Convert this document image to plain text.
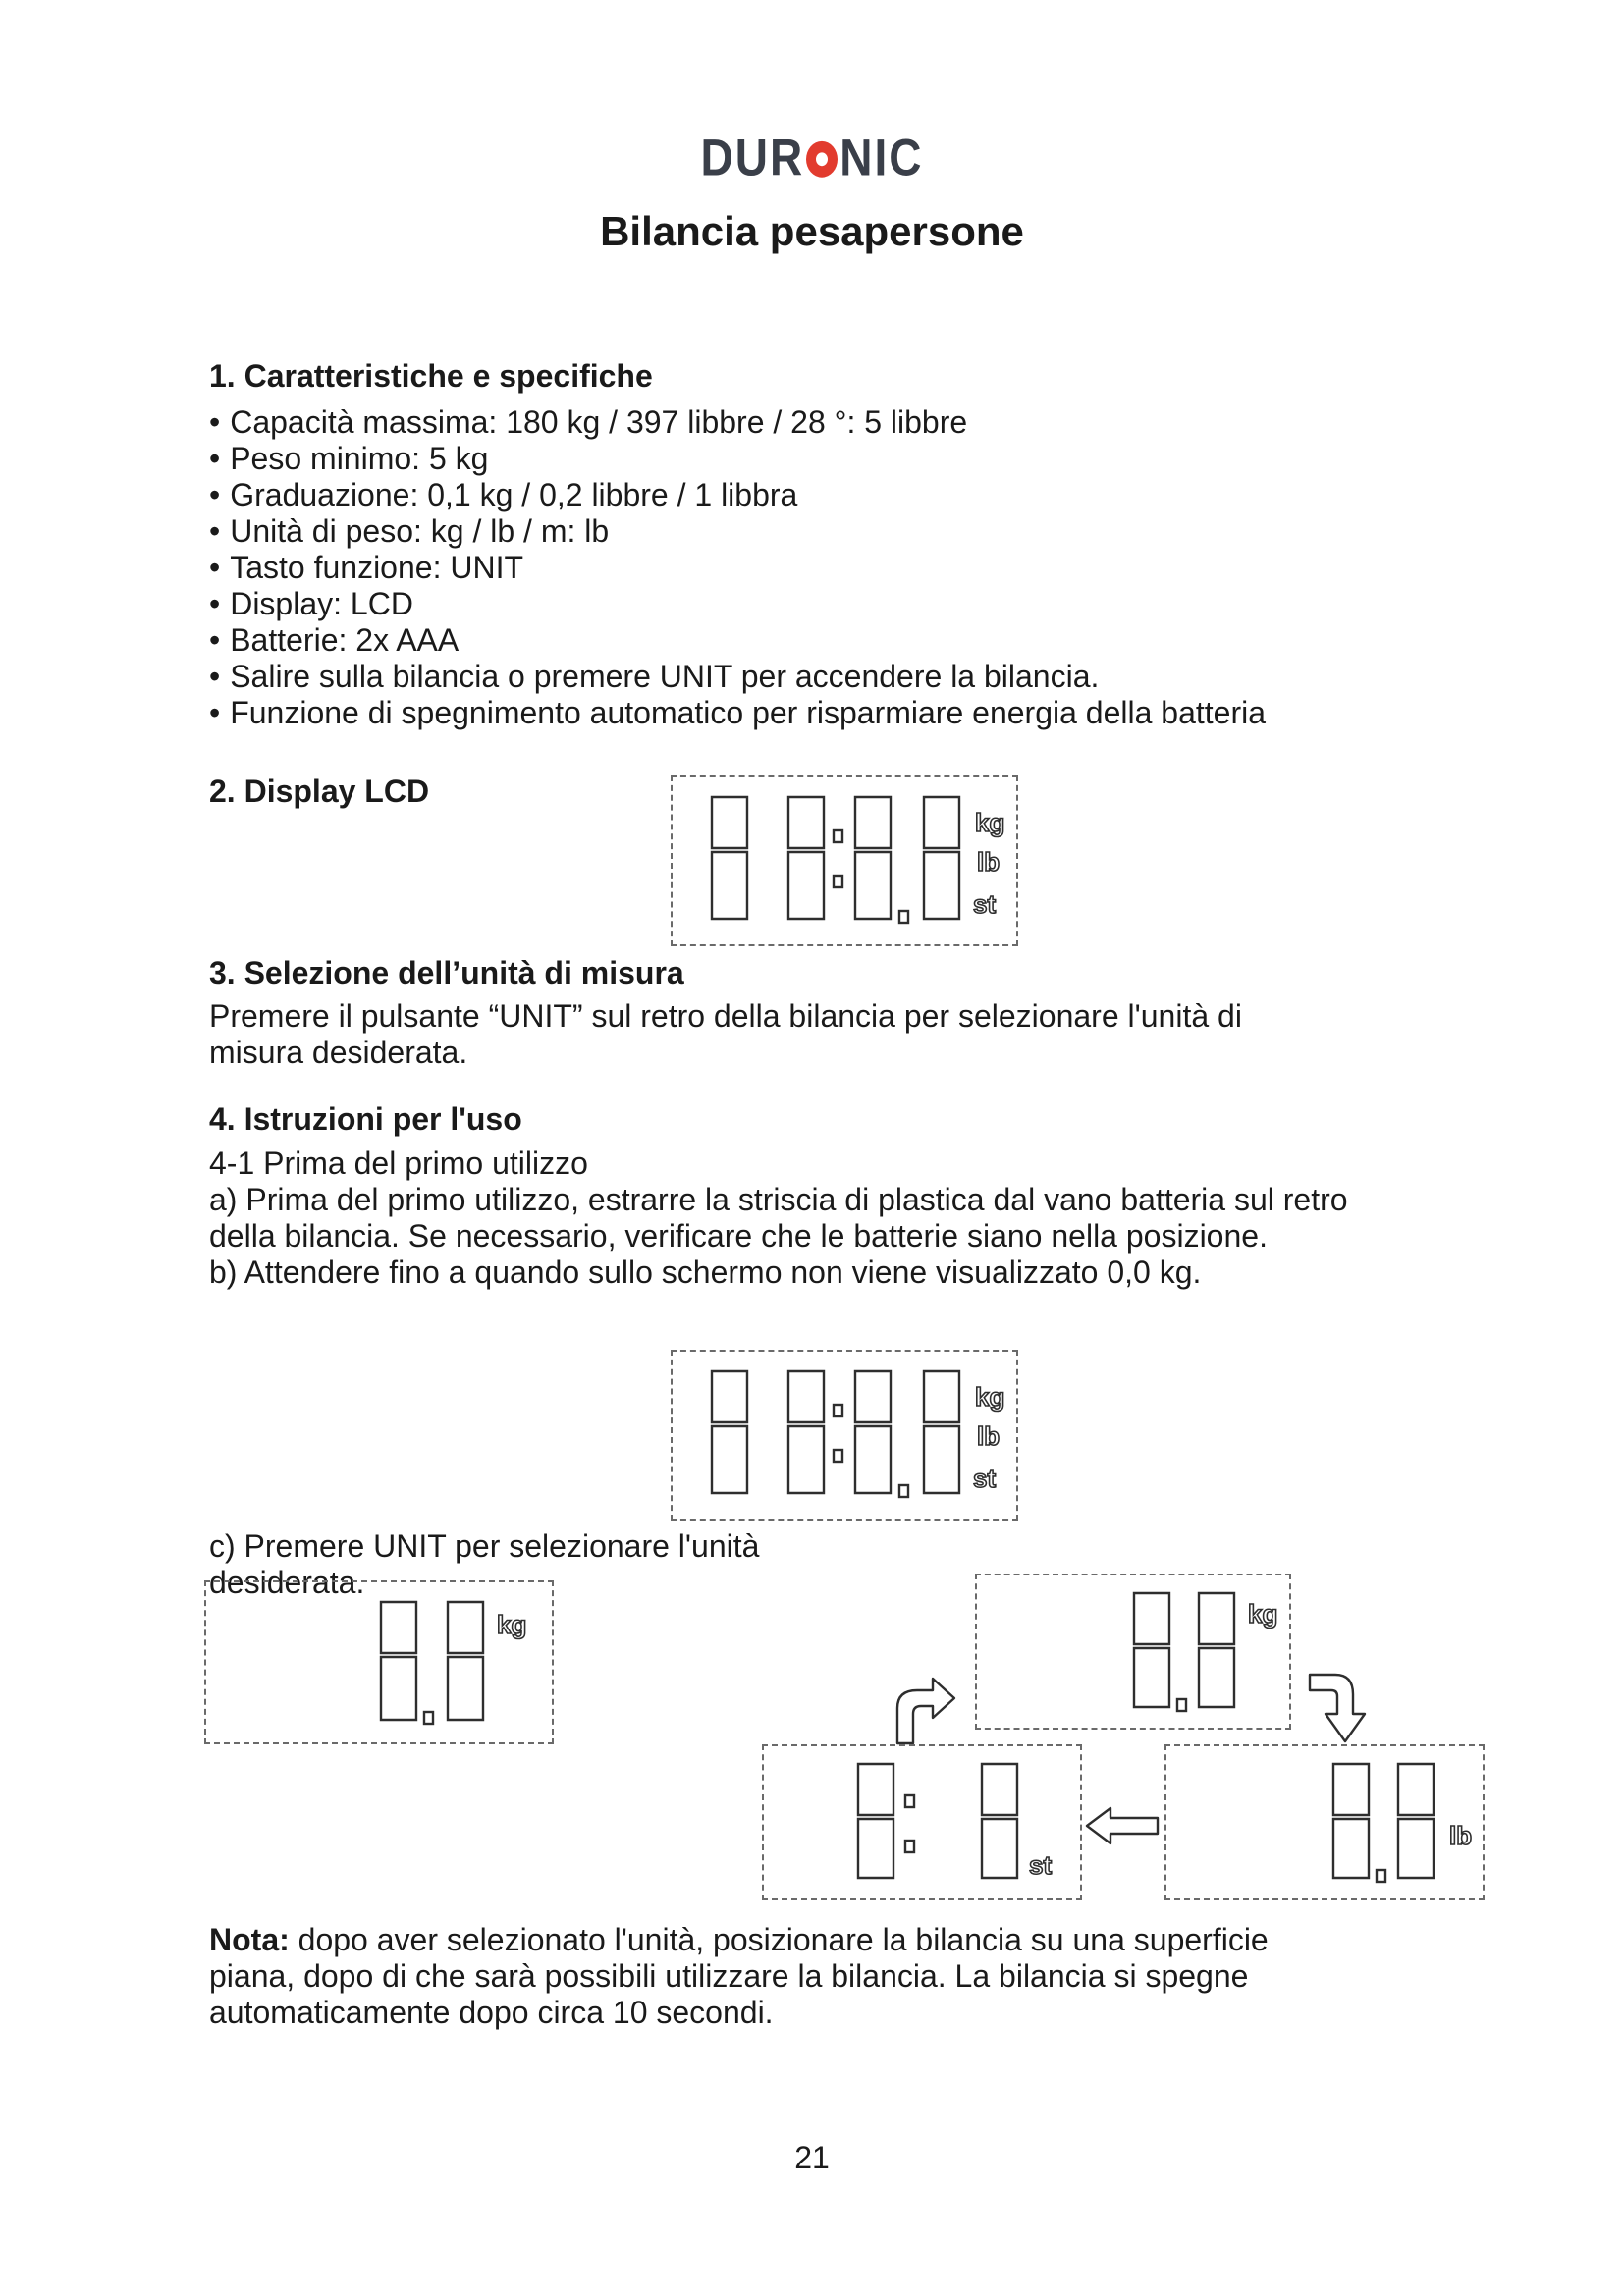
DUR NIC
Bilancia pesapersone
1. Caratteristiche e specifiche
• Capacità massima: 180 kg / 397 libbre / 28 °: 5 libbre
• Peso minimo: 5 kg
• Graduazione: 0,1 kg / 0,2 libbre / 1 libbra
• Unità di peso: kg / lb / m: lb
• Tasto funzione: UNIT
• Display: LCD
• Batterie: 2x AAA
• Salire sulla bilancia o premere UNIT per accendere la bilancia.
• Funzione di spegnimento automatico per risparmiare energia della batteria
2. Display LCD
kg
lb
st
3. Selezione dell’unità di misura
Premere il pulsante “UNIT” sul retro della bilancia per selezionare l'unità di
misura desiderata.
4. Istruzioni per l'uso
4-1 Prima del primo utilizzo
a) Prima del primo utilizzo, estrarre la striscia di plastica dal vano batteria sul retro
della bilancia. Se necessario, verificare che le batterie siano nella posizione.
b) Attendere fino a quando sullo schermo non viene visualizzato 0,0 kg.
kg
lb
st
c) Premere UNIT per selezionare l'unità
desiderata.
kg	kg
st
lb
Nota: dopo aver selezionato l'unità, posizionare la bilancia su una superficie
piana, dopo di che sarà possibili utilizzare la bilancia. La bilancia si spegne
automaticamente dopo circa 10 secondi.
21
